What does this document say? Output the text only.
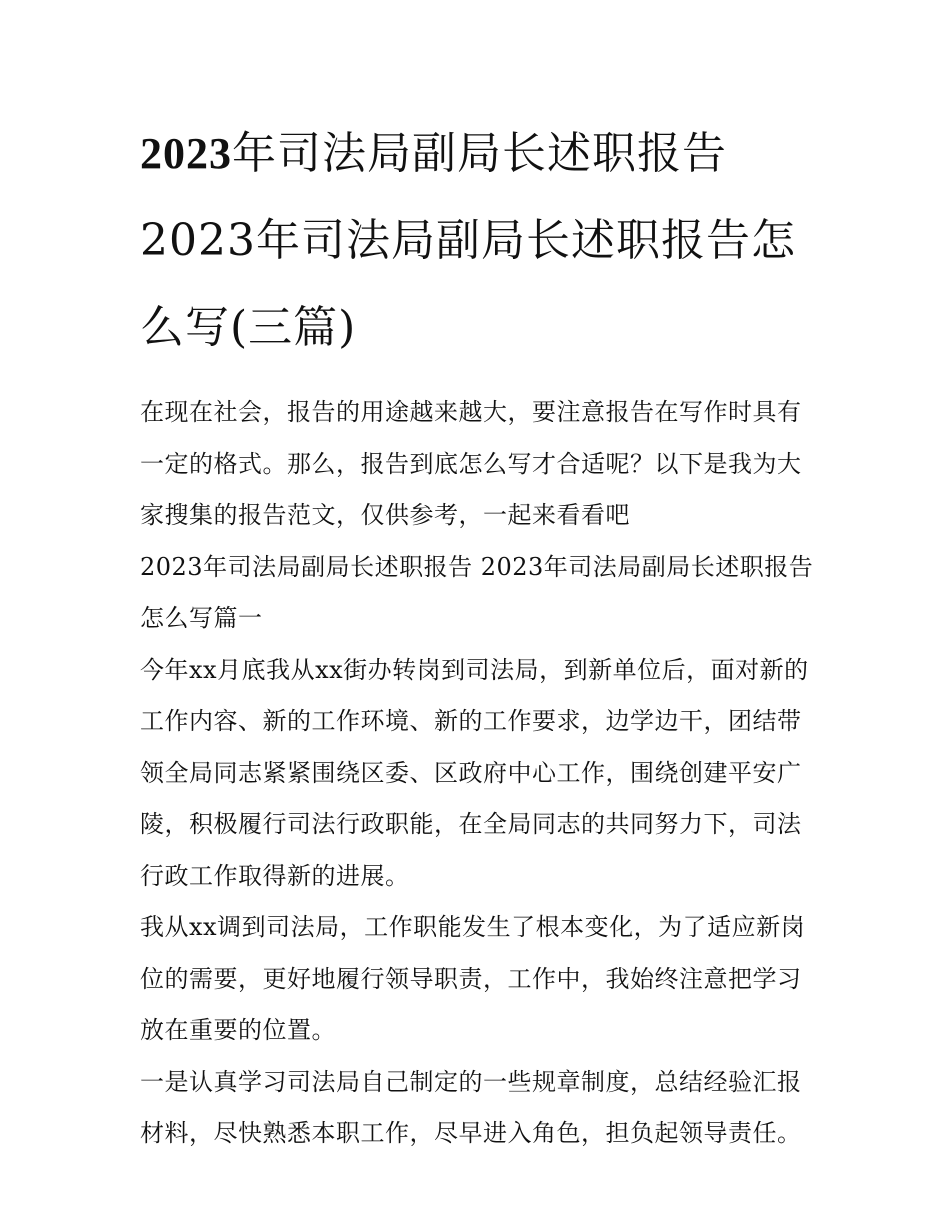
2023年司法局副局长述职报告2023年司法局副局长述职报告怎么写(三篇)

在现在社会，报告的用途越来越大，要注意报告在写作时具有一定的格式。那么，报告到底怎么写才合适呢？以下是我为大家搜集的报告范文，仅供参考，一起来看看吧

2023年司法局副局长述职报告 2023年司法局副局长述职报告怎么写篇一

今年xx月底我从xx街办转岗到司法局，到新单位后，面对新的工作内容、新的工作环境、新的工作要求，边学边干，团结带领全局同志紧紧围绕区委、区政府中心工作，围绕创建平安广陵，积极履行司法行政职能，在全局同志的共同努力下，司法行政工作取得新的进展。

我从xx调到司法局，工作职能发生了根本变化，为了适应新岗位的需要，更好地履行领导职责，工作中，我始终注意把学习放在重要的位置。

一是认真学习司法局自己制定的一些规章制度，总结经验汇报材料，尽快熟悉本职工作，尽早进入角色，担负起领导责任。
